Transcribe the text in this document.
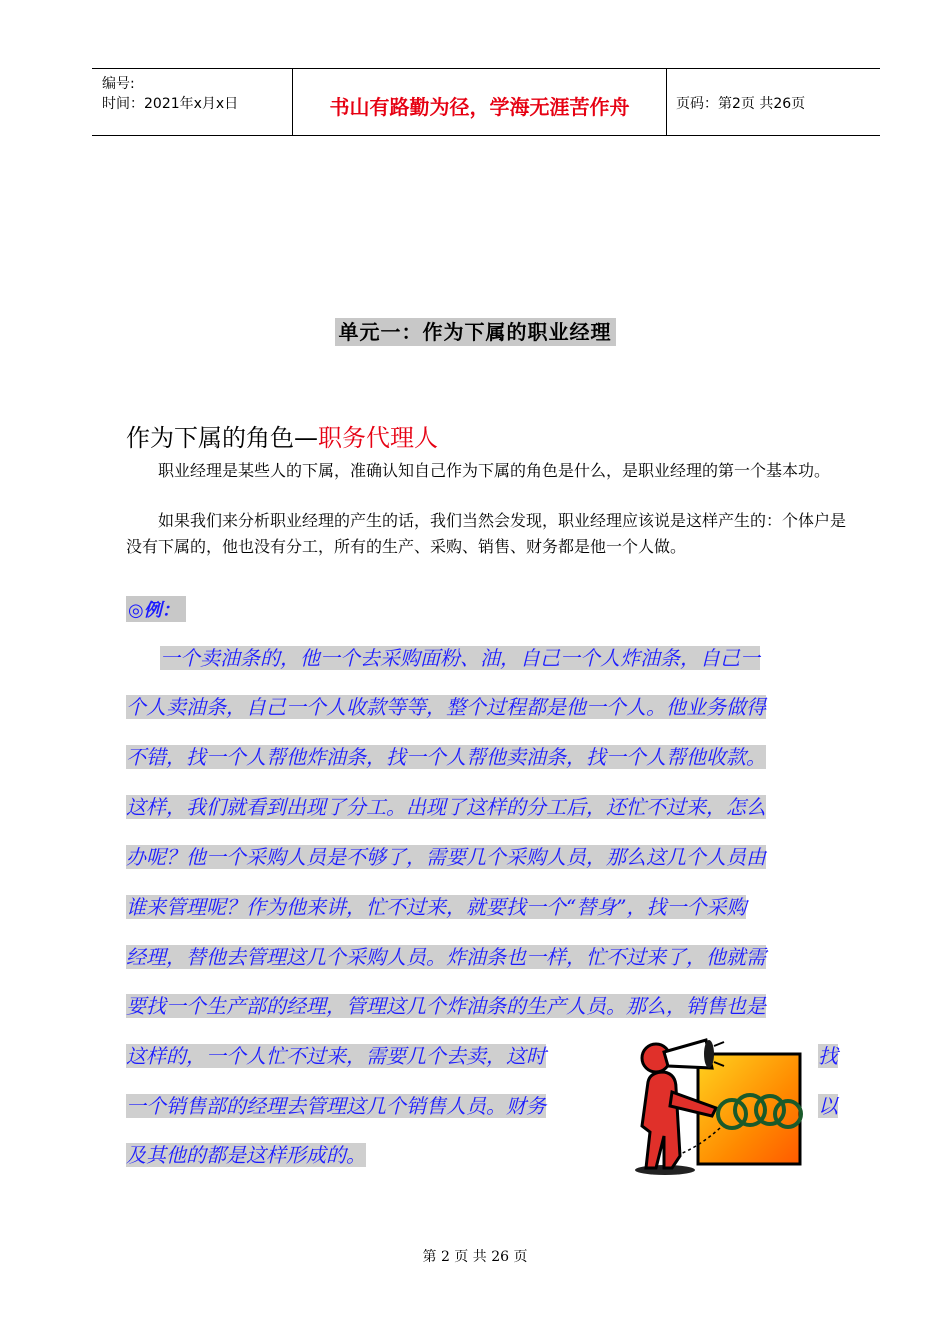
编号:
时间：2021年x月x日	书山有路勤为径，学海无涯苦作舟	页码：第2页 共26页
单元一：作为下属的职业经理
作为下属的角色—职务代理人
职业经理是某些人的下属，准确认知自己作为下属的角色是什么，是职业经理的第一个基本功。
如果我们来分析职业经理的产生的话，我们当然会发现，职业经理应该说是这样产生的：个体户是没有下属的，他也没有分工，所有的生产、采购、销售、财务都是他一个人做。
◎例：
一个卖油条的，他一个去采购面粉、油，自己一个人炸油条，自己一
个人卖油条，自己一个人收款等等，整个过程都是他一个人。他业务做得
不错，找一个人帮他炸油条，找一个人帮他卖油条，找一个人帮他收款。
这样，我们就看到出现了分工。出现了这样的分工后，还忙不过来，怎么
办呢？他一个采购人员是不够了，需要几个采购人员，那么这几个人员由
谁来管理呢？作为他来讲，忙不过来，就要找一个“替身”，找一个采购
经理，替他去管理这几个采购人员。炸油条也一样，忙不过来了，他就需
要找一个生产部的经理，管理这几个炸油条的生产人员。那么，销售也是
这样的，一个人忙不过来，需要几个去卖，这时	找
一个销售部的经理去管理这几个销售人员。财务	以
及其他的都是这样形成的。
第 2 页 共 26 页
